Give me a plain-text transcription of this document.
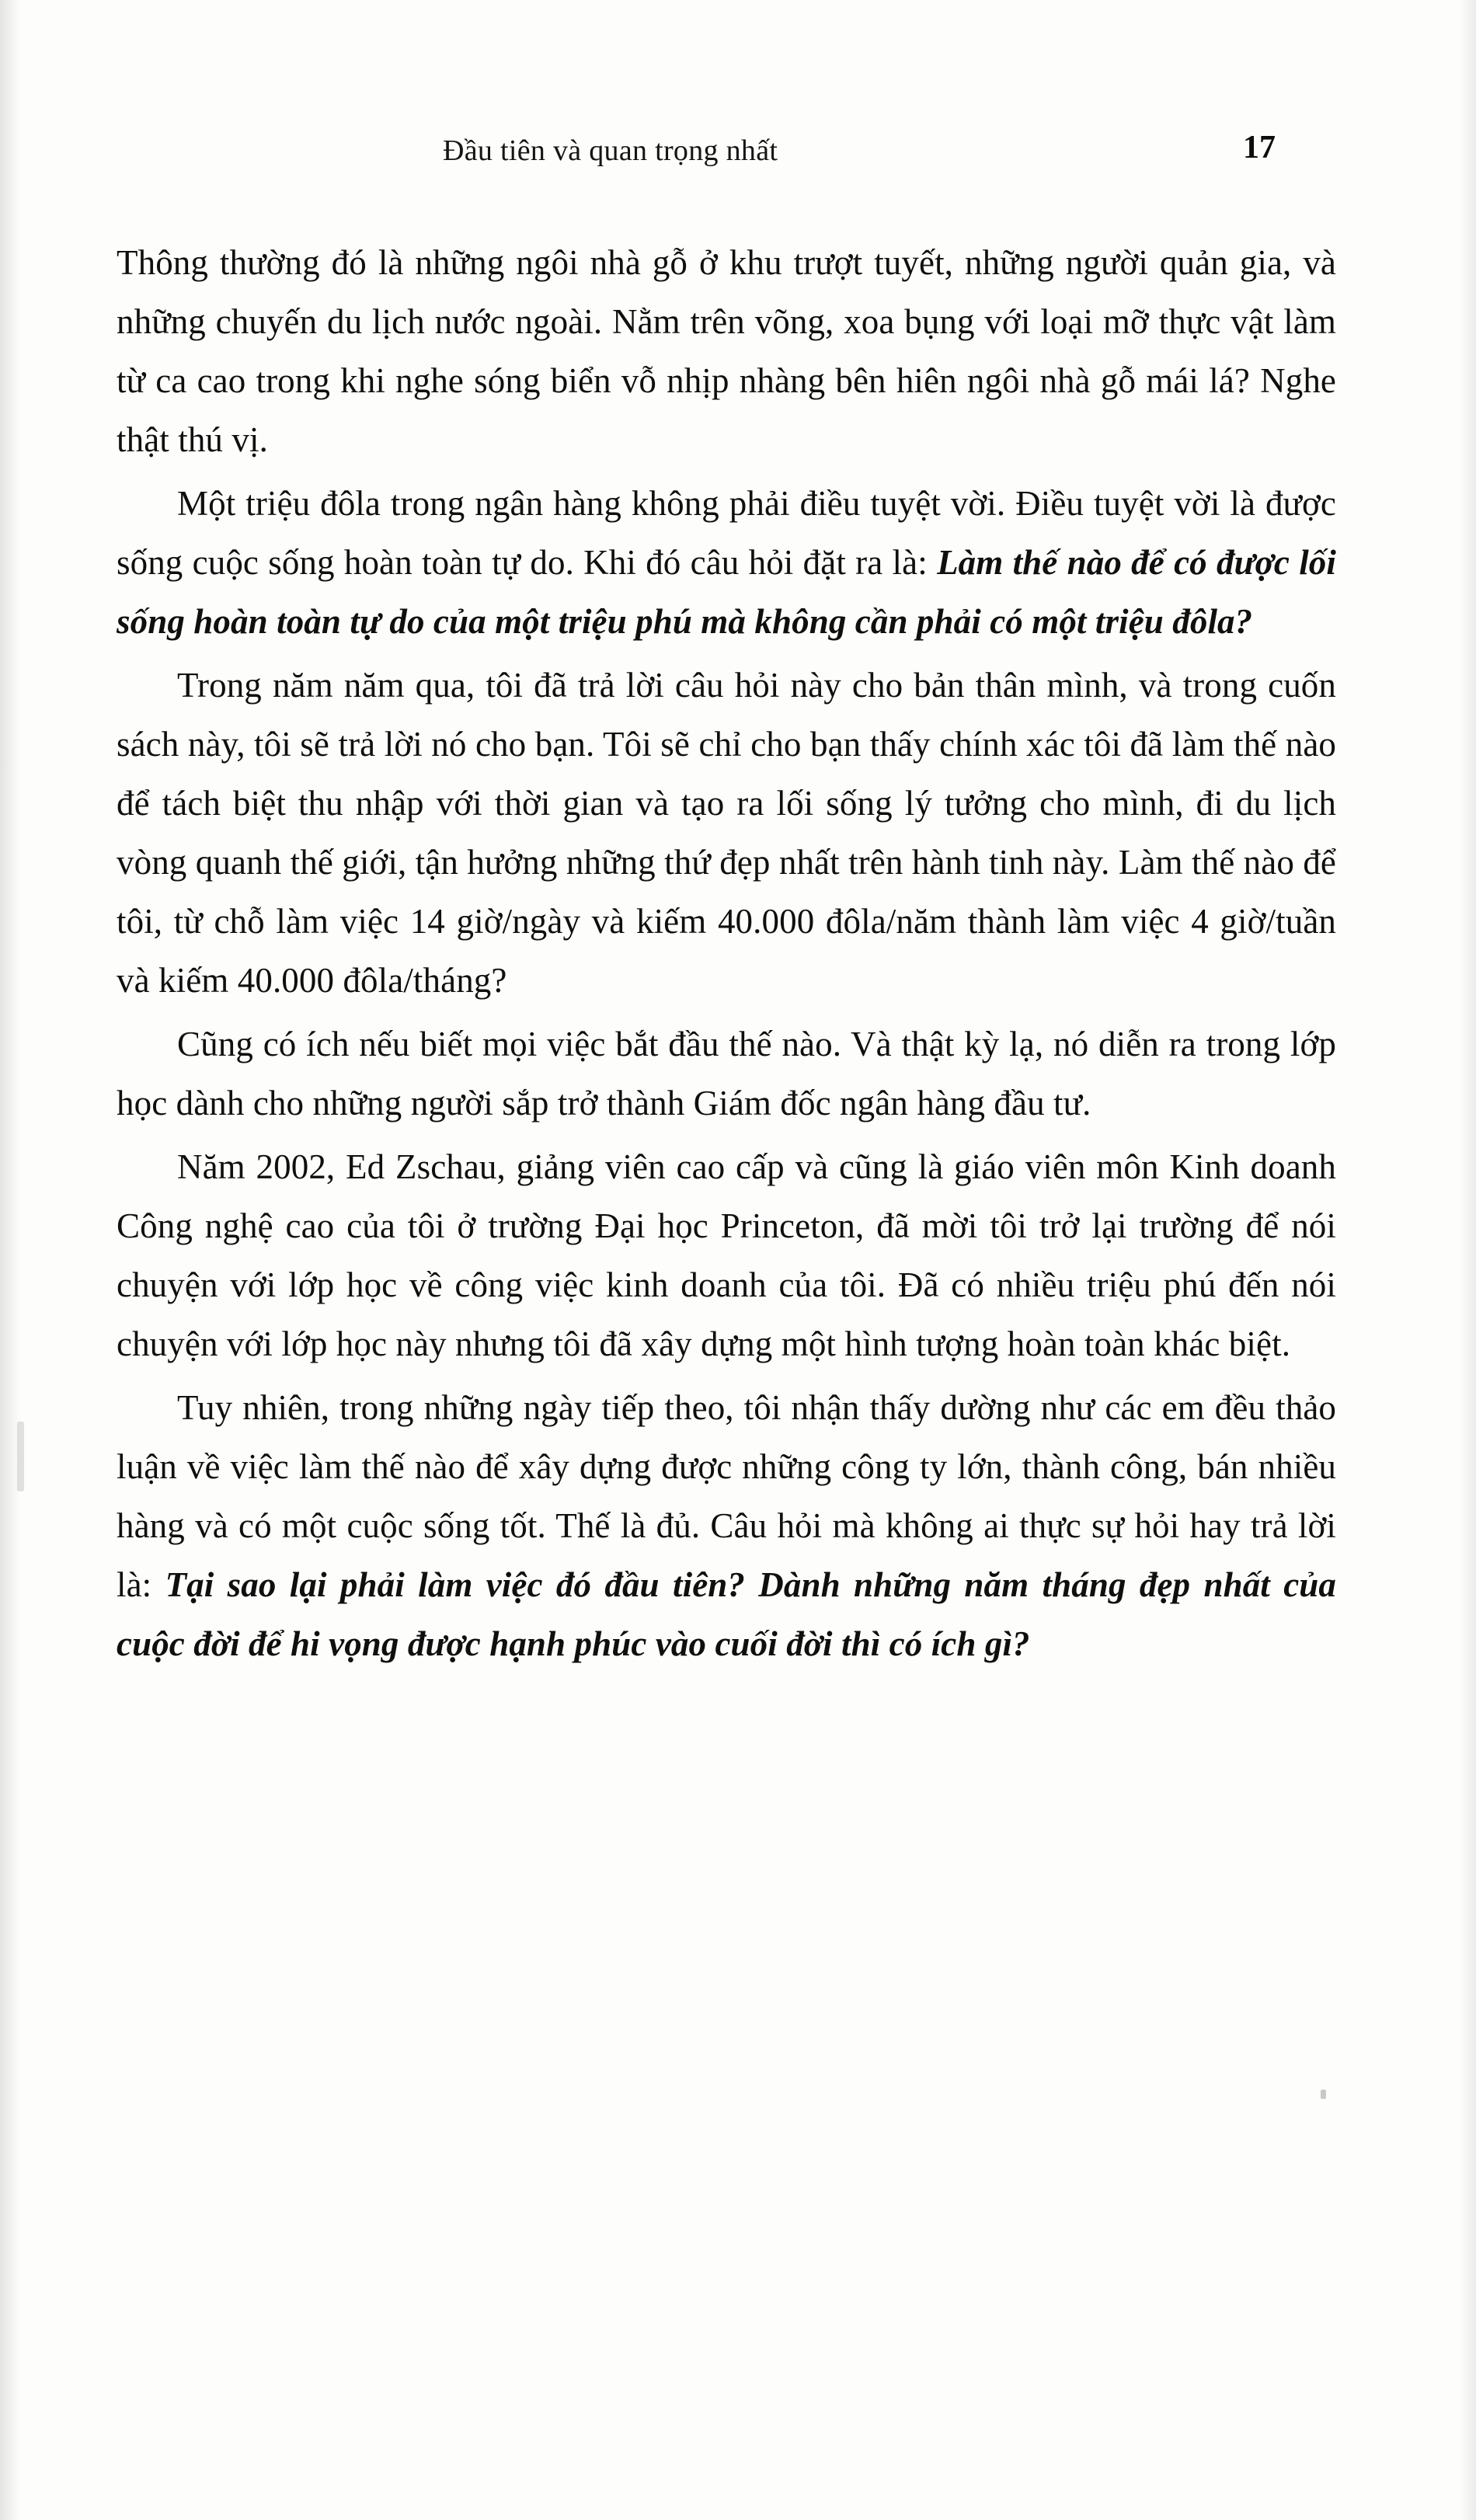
Đầu tiên và quan trọng nhất	17

Thông thường đó là những ngôi nhà gỗ ở khu trượt tuyết, những người quản gia, và những chuyến du lịch nước ngoài. Nằm trên võng, xoa bụng với loại mỡ thực vật làm từ ca cao trong khi nghe sóng biển vỗ nhịp nhàng bên hiên ngôi nhà gỗ mái lá? Nghe thật thú vị.

Một triệu đôla trong ngân hàng không phải điều tuyệt vời. Điều tuyệt vời là được sống cuộc sống hoàn toàn tự do. Khi đó câu hỏi đặt ra là: Làm thế nào để có được lối sống hoàn toàn tự do của một triệu phú mà không cần phải có một triệu đôla?

Trong năm năm qua, tôi đã trả lời câu hỏi này cho bản thân mình, và trong cuốn sách này, tôi sẽ trả lời nó cho bạn. Tôi sẽ chỉ cho bạn thấy chính xác tôi đã làm thế nào để tách biệt thu nhập với thời gian và tạo ra lối sống lý tưởng cho mình, đi du lịch vòng quanh thế giới, tận hưởng những thứ đẹp nhất trên hành tinh này. Làm thế nào để tôi, từ chỗ làm việc 14 giờ/ngày và kiếm 40.000 đôla/năm thành làm việc 4 giờ/tuần và kiếm 40.000 đôla/tháng?

Cũng có ích nếu biết mọi việc bắt đầu thế nào. Và thật kỳ lạ, nó diễn ra trong lớp học dành cho những người sắp trở thành Giám đốc ngân hàng đầu tư.

Năm 2002, Ed Zschau, giảng viên cao cấp và cũng là giáo viên môn Kinh doanh Công nghệ cao của tôi ở trường Đại học Princeton, đã mời tôi trở lại trường để nói chuyện với lớp học về công việc kinh doanh của tôi. Đã có nhiều triệu phú đến nói chuyện với lớp học này nhưng tôi đã xây dựng một hình tượng hoàn toàn khác biệt.

Tuy nhiên, trong những ngày tiếp theo, tôi nhận thấy dường như các em đều thảo luận về việc làm thế nào để xây dựng được những công ty lớn, thành công, bán nhiều hàng và có một cuộc sống tốt. Thế là đủ. Câu hỏi mà không ai thực sự hỏi hay trả lời là: Tại sao lại phải làm việc đó đầu tiên? Dành những năm tháng đẹp nhất của cuộc đời để hi vọng được hạnh phúc vào cuối đời thì có ích gì?
